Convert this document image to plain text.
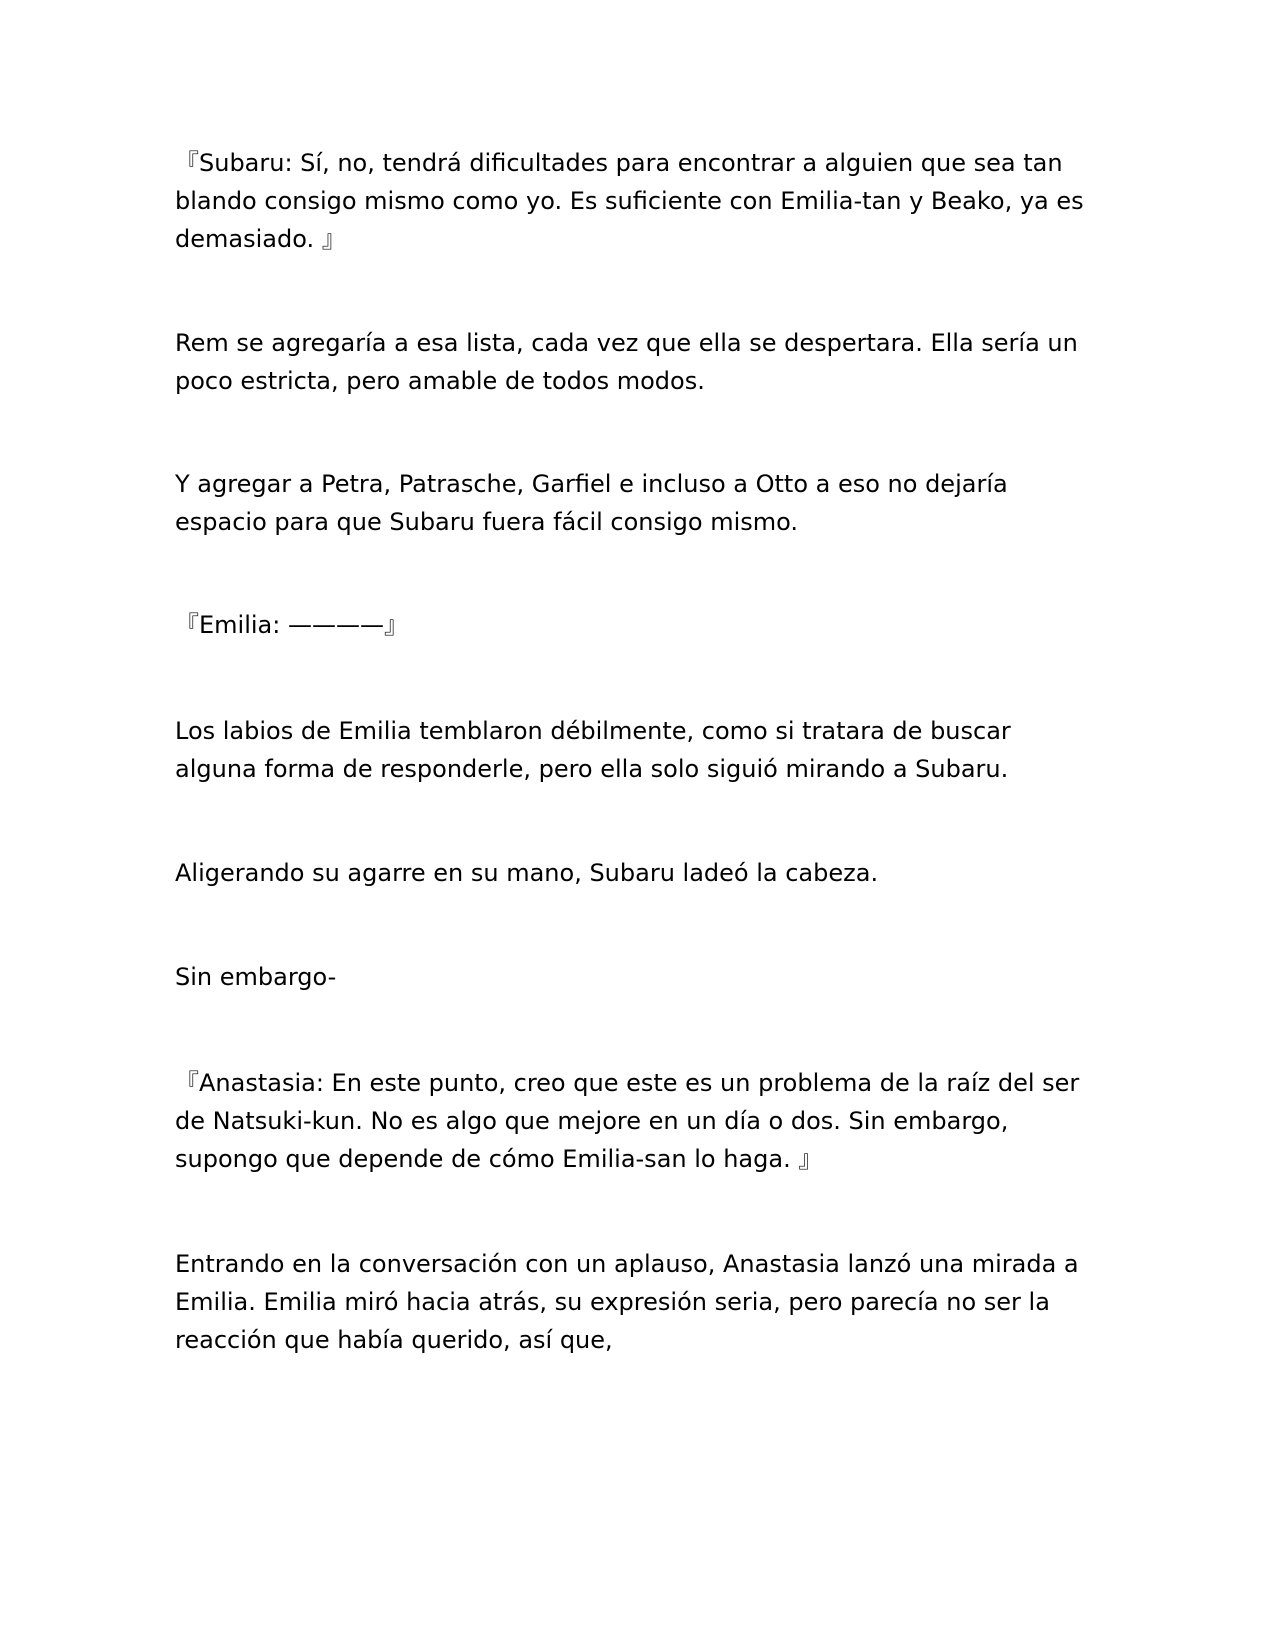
『Subaru: Sí, no, tendrá dificultades para encontrar a alguien que sea tan blando consigo mismo como yo. Es suficiente con Emilia-tan y Beako, ya es demasiado. 』

Rem se agregaría a esa lista, cada vez que ella se despertara. Ella sería un poco estricta, pero amable de todos modos.

Y agregar a Petra, Patrasche, Garfiel e incluso a Otto a eso no dejaría espacio para que Subaru fuera fácil consigo mismo.

『Emilia: ————』

Los labios de Emilia temblaron débilmente, como si tratara de buscar alguna forma de responderle, pero ella solo siguió mirando a Subaru.

Aligerando su agarre en su mano, Subaru ladeó la cabeza.

Sin embargo-

『Anastasia: En este punto, creo que este es un problema de la raíz del ser de Natsuki-kun. No es algo que mejore en un día o dos. Sin embargo, supongo que depende de cómo Emilia-san lo haga. 』

Entrando en la conversación con un aplauso, Anastasia lanzó una mirada a Emilia. Emilia miró hacia atrás, su expresión seria, pero parecía no ser la reacción que había querido, así que,
